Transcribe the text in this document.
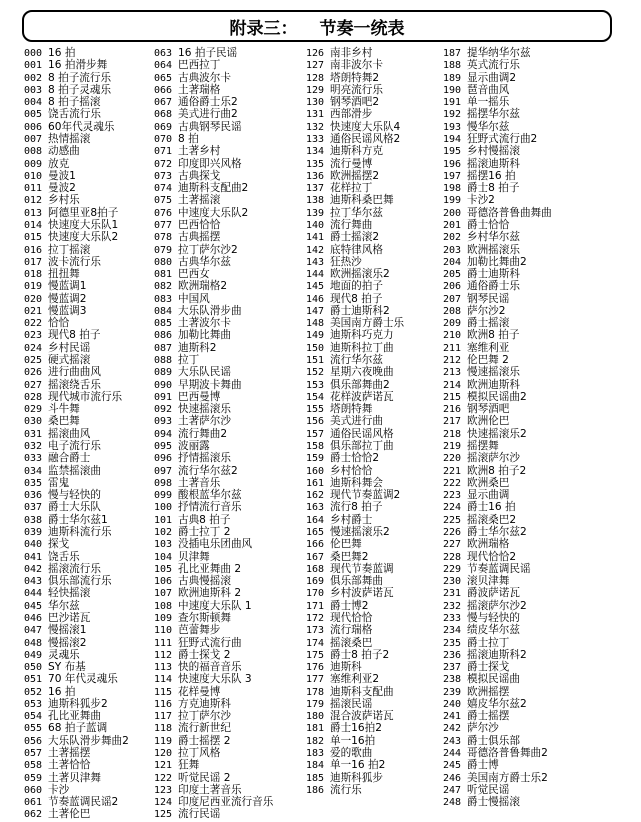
附录三： 节奏一统表
000 16 拍
001 16 拍滑步舞
002 8 拍子流行乐
003 8 拍子灵魂乐
004 8 拍子摇滚
005 饶舌流行乐
006 60年代灵魂乐
007 热情摇滚
008 动感曲
009 放克
010 曼波1
011 曼波2
012 乡村乐
013 阿德里亚8拍子
014 快速度大乐队1
015 快速度大乐队2
016 拉丁摇滚
017 波卡流行乐
018 扭扭舞
019 慢蓝调1
020 慢蓝调2
021 慢蓝调3
022 恰恰
023 现代8 拍子
024 乡村民谣
025 硬式摇滚
026 进行曲曲风
027 摇滚绕舌乐
028 现代城市流行乐
029 斗牛舞
030 桑巴舞
031 摇滚曲风
032 电子流行乐
033 融合爵士
034 监禁摇滚曲
035 雷鬼
036 慢与轻快的
037 爵士大乐队
038 爵士华尔兹1
039 迪斯科流行乐
040 探戈
041 饶舌乐
042 摇滚流行乐
043 俱乐部流行乐
044 轻快摇滚
045 华尔兹
046 巴沙诺瓦
047 慢摇滚1
048 慢摇滚2
049 灵魂乐
050 SY 布基
051 70 年代灵魂乐
052 16 拍
053 迪斯科狐步2
054 孔比亚舞曲
055 68 拍子蓝调
056 大乐队滑步舞曲2
057 土著摇摆
058 土著恰恰
059 土著贝津舞
060 卡沙
061 节奏蓝调民谣2
062 土著伦巴
063 16 拍子民谣
064 巴西拉丁
065 古典波尔卡
066 土著瑞格
067 通俗爵士乐2
068 美式进行曲2
069 古典钢琴民谣
070 8 拍
071 土著乡村
072 印度即兴风格
073 古典探戈
074 迪斯科支配曲2
075 土著摇滚
076 中速度大乐队2
077 巴西恰恰
078 古典摇摆
079 拉丁萨尔沙2
080 古典华尔兹
081 巴西女
082 欧洲瑞格2
083 中国风
084 大乐队滑步曲
085 土著波尔卡
086 加勒比舞曲
087 迪斯科2
088 拉丁
089 大乐队民谣
090 早期波卡舞曲
091 巴西曼博
092 快速摇滚乐
093 土著萨尔沙
094 流行舞曲2
095 波丽露
096 抒情摇滚乐
097 流行华尔兹2
098 土著音乐
099 酸根蓝华尔兹
100 抒情流行音乐
101 古典8 拍子
102 爵士拉丁 2
103 没插电乐团曲风
104 贝津舞
105 孔比亚舞曲 2
106 古典慢摇滚
107 欧洲迪斯科 2
108 中速度大乐队 1
109 查尔斯顿舞
110 芭蕾舞步
111 狂野式流行曲
112 爵士探戈 2
113 快的福音音乐
114 快速度大乐队 3
115 花样曼博
116 方克迪斯科
117 拉丁萨尔沙
118 流行新世纪
119 爵士摇摆 2
120 拉丁风格
121 狂舞
122 听觉民谣 2
123 印度土著音乐
124 印度尼西亚流行音乐
125 流行民谣
126 南非乡村
127 南非波尔卡
128 塔朗特舞2
129 明亮流行乐
130 钢琴酒吧2
131 西部滑步
132 快速度大乐队4
133 通俗民谣风格2
134 迪斯科方克
135 流行曼博
136 欧洲摇摆2
137 花样拉丁
138 迪斯科桑巴舞
139 拉丁华尔兹
140 流行舞曲
141 爵士摇滚2
142 底特律风格
143 狂热沙
144 欧洲摇滚乐2
145 地面的拍子
146 现代8 拍子
147 爵士迪斯科2
148 美国南方爵士乐
149 迪斯科巧克力
150 迪斯科拉丁曲
151 流行华尔兹
152 星期六夜晚曲
153 俱乐部舞曲2
154 花样波萨诺瓦
155 塔朗特舞
156 美式进行曲
157 通俗民谣风格
158 俱乐部拉丁曲
159 爵士恰恰2
160 乡村恰恰
161 迪斯科舞会
162 现代节奏蓝调2
163 流行8 拍子
164 乡村爵士
165 慢速摇滚乐2
166 伦巴舞
167 桑巴舞2
168 现代节奏蓝调
169 俱乐部舞曲
170 乡村波萨诺瓦
171 爵士博2
172 现代恰恰
173 流行瑞格
174 摇滚桑巴
175 爵士8 拍子2
176 迪斯科
177 塞维利亚2
178 迪斯科支配曲
179 摇滚民谣
180 混合波萨诺瓦
181 爵士16拍2
182 单一16拍
183 爱的歌曲
184 单一16 拍2
185 迪斯科狐步
186 流行乐
187 提华纳华尔兹
188 英式流行乐
189 显示曲调2
190 琶音曲风
191 单一摇乐
192 摇摆华尔兹
193 慢华尔兹
194 狂野式流行曲2
195 乡村慢摇滚
196 摇滚迪斯科
197 摇摆16 拍
198 爵士8 拍子
199 卡沙2
200 哥德洛普鲁曲舞曲
201 爵士恰恰
202 乡村华尔兹
203 欧洲摇滚乐
204 加勒比舞曲2
205 爵士迪斯科
206 通俗爵士乐
207 钢琴民谣
208 萨尔沙2
209 爵士摇滚
210 欧洲8 拍子
211 塞维利亚
212 伦巴舞 2
213 慢速摇滚乐
214 欧洲迪斯科
215 模拟民谣曲2
216 钢琴酒吧
217 欧洲伦巴
218 快速摇滚乐2
219 摇摆舞
220 摇滚萨尔沙
221 欧洲8 拍子2
222 欧洲桑巴
223 显示曲调
224 爵士16 拍
225 摇滚桑巴2
226 爵士华尔兹2
227 欧洲瑞格
228 现代恰恰2
229 节奏蓝调民谣
230 滚贝津舞
231 爵波萨诺瓦
232 摇滚萨尔沙2
233 慢与轻快的
234 绩皮华尔兹
235 爵士拉丁
236 摇滚迪斯科2
237 爵士探戈
238 模拟民谣曲
239 欧洲摇摆
240 嬉皮华尔兹2
241 爵士摇摆
242 萨尔沙
243 爵士俱乐部
244 哥德洛普鲁舞曲2
245 爵士博
246 美国南方爵士乐2
247 听觉民谣
248 爵士慢摇滚
